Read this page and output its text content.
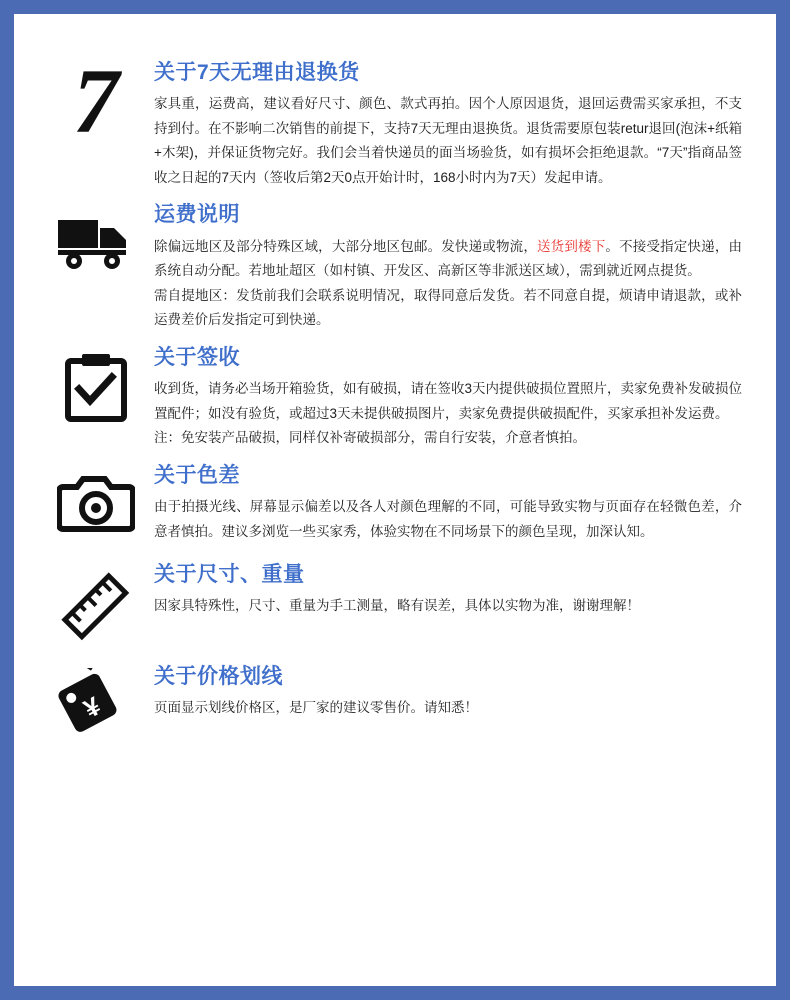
7 关于7天无理由退换货

家具重，运费高，建议看好尺寸、颜色、款式再拍。因个人原因退货，退回运费需买家承担，不支持到付。在不影响二次销售的前提下，支持7天无理由退换货。退货需要原包装retur退回(泡沫+纸箱+木架)，并保证货物完好。我们会当着快递员的面当场验货，如有损坏会拒绝退款。“7天”指商品签收之日起的7天内（签收后第2天0点开始计时，168小时内为7天）发起申请。

运费说明

除偏远地区及部分特殊区域，大部分地区包邮。发快递或物流，送货到楼下。不接受指定快递，由系统自动分配。若地址超区（如村镇、开发区、高新区等非派送区域），需到就近网点提货。

需自提地区：发货前我们会联系说明情况，取得同意后发货。若不同意自提，烦请申请退款，或补运费差价后发指定可到快递。

关于签收

收到货，请务必当场开箱验货，如有破损，请在签收3天内提供破损位置照片，卖家免费补发破损位置配件；如没有验货，或超过3天未提供破损图片，卖家免费提供破损配件，买家承担补发运费。

注：免安装产品破损，同样仅补寄破损部分，需自行安装，介意者慎拍。

关于色差

由于拍摄光线、屏幕显示偏差以及各人对颜色理解的不同，可能导致实物与页面存在轻微色差，介意者慎拍。建议多浏览一些买家秀，体验实物在不同场景下的颜色呈现，加深认知。

关于尺寸、重量

因家具特殊性，尺寸、重量为手工测量，略有误差，具体以实物为准，谢谢理解！

¥
关于价格划线

页面显示划线价格区，是厂家的建议零售价。请知悉！
